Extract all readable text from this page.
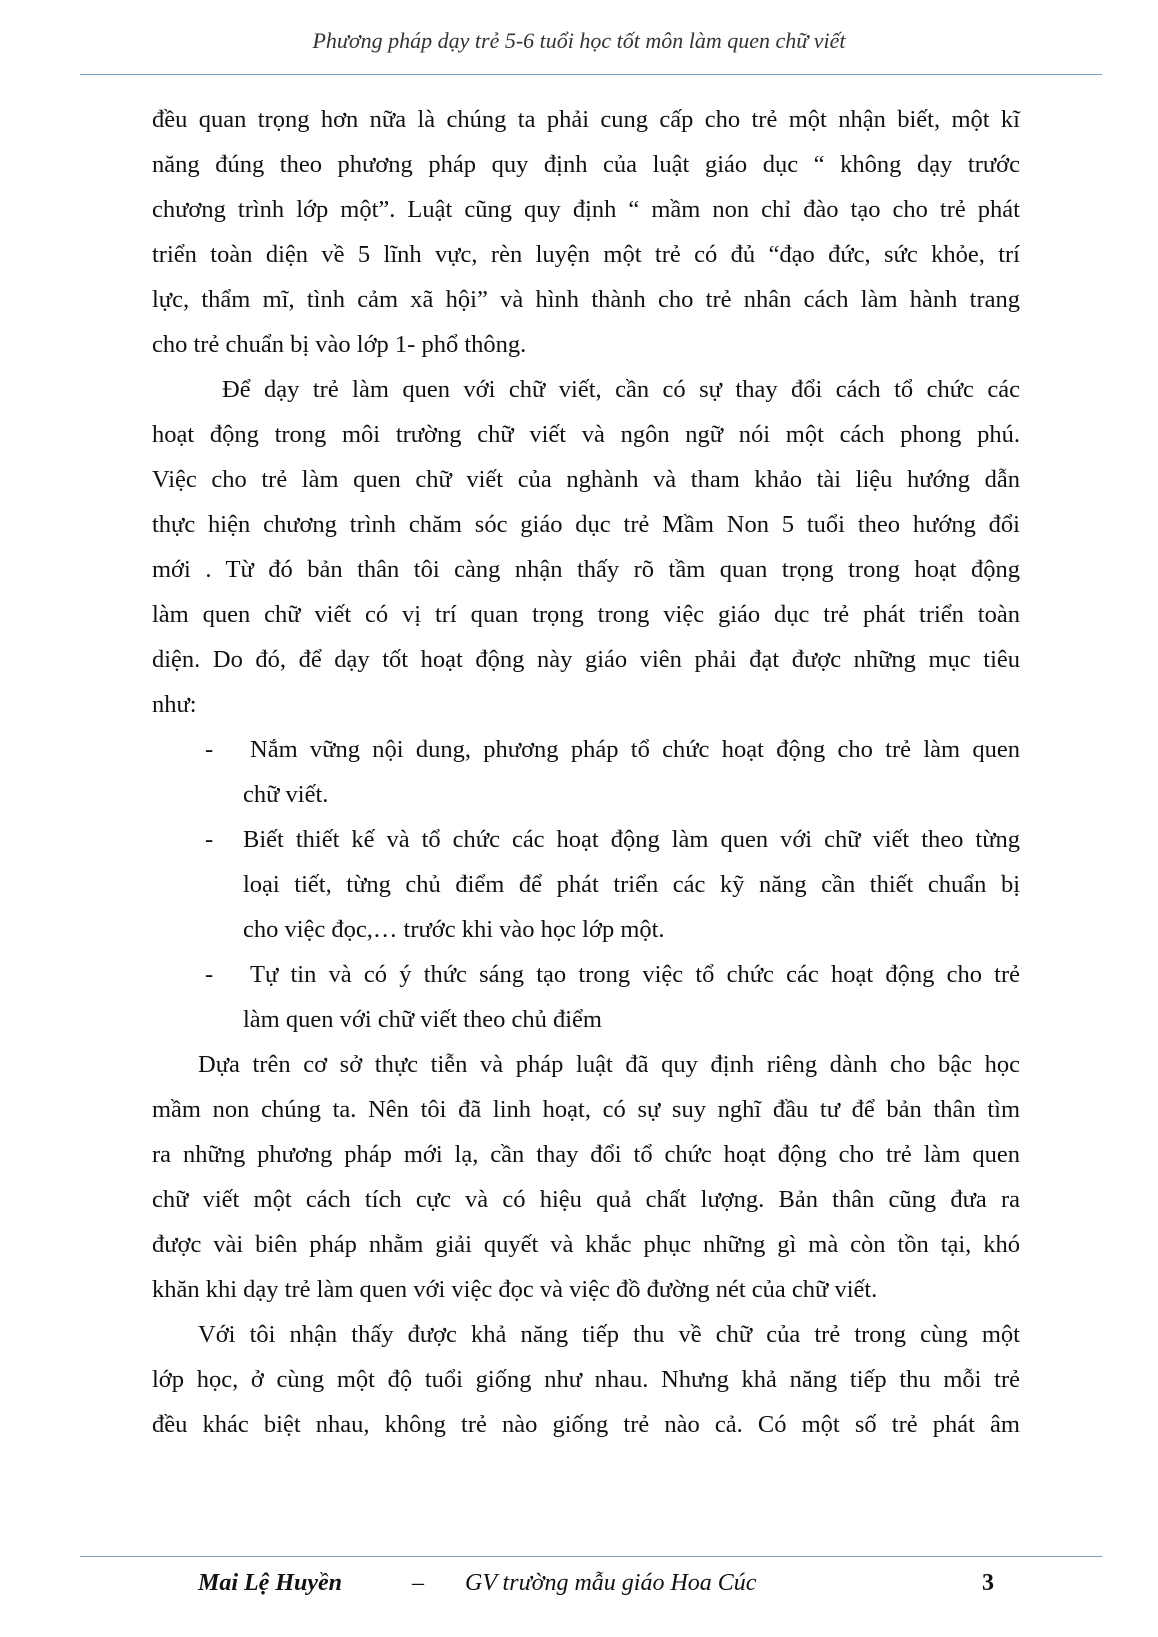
Phương pháp dạy trẻ 5-6 tuổi học tốt môn làm quen chữ viết
đều quan trọng hơn nữa là chúng ta phải cung cấp cho trẻ một nhận biết, một kĩ
năng đúng theo phương pháp quy định của luật giáo dục “ không dạy trước
chương trình lớp một”. Luật cũng quy định “ mầm non chỉ đào tạo cho trẻ phát
triển toàn diện về 5 lĩnh vực, rèn luyện một trẻ có đủ “đạo đức, sức khỏe, trí
lực, thẩm mĩ, tình cảm xã hội” và hình thành cho trẻ nhân cách làm hành trang
cho trẻ chuẩn bị vào lớp 1- phổ thông.
Để dạy trẻ làm quen với chữ viết, cần có sự thay đổi cách tổ chức các
hoạt động trong môi trường chữ viết và ngôn ngữ nói một cách phong phú.
Việc cho trẻ làm quen chữ viết của nghành và tham khảo tài liệu hướng dẫn
thực hiện chương trình chăm sóc giáo dục trẻ Mầm Non 5 tuổi theo hướng đổi
mới . Từ đó bản thân tôi càng nhận thấy rõ tầm quan trọng trong hoạt động
làm quen chữ viết có vị trí quan trọng trong việc giáo dục trẻ phát triển toàn
diện. Do đó, để dạy tốt hoạt động này giáo viên phải đạt được những mục tiêu
như:
- Nắm vững nội dung, phương pháp tổ chức hoạt động cho trẻ làm quen
chữ viết.
- Biết thiết kế và tổ chức các hoạt động làm quen với chữ viết theo từng
loại tiết, từng chủ điểm để phát triển các kỹ năng cần thiết chuẩn bị
cho việc đọc,… trước khi vào học lớp một.
- Tự tin và có ý thức sáng tạo trong việc tổ chức các hoạt động cho trẻ
làm quen với chữ viết theo chủ điểm
Dựa trên cơ sở thực tiễn và pháp luật đã quy định riêng dành cho bậc học
mầm non chúng ta. Nên tôi đã linh hoạt, có sự suy nghĩ đầu tư để bản thân tìm
ra những phương pháp mới lạ, cần thay đổi tổ chức hoạt động cho trẻ làm quen
chữ viết một cách tích cực và có hiệu quả chất lượng. Bản thân cũng đưa ra
được vài biên pháp nhằm giải quyết và khắc phục những gì mà còn tồn tại, khó
khăn khi dạy trẻ làm quen với việc đọc và việc đồ đường nét của chữ viết.
Với tôi nhận thấy được khả năng tiếp thu về chữ của trẻ trong cùng một
lớp học, ở cùng một độ tuổi giống như nhau. Nhưng khả năng tiếp thu mỗi trẻ
đều khác biệt nhau, không trẻ nào giống trẻ nào cả. Có một số trẻ phát âm
Mai Lệ Huyền	– GV trường mẫu giáo Hoa Cúc	3
